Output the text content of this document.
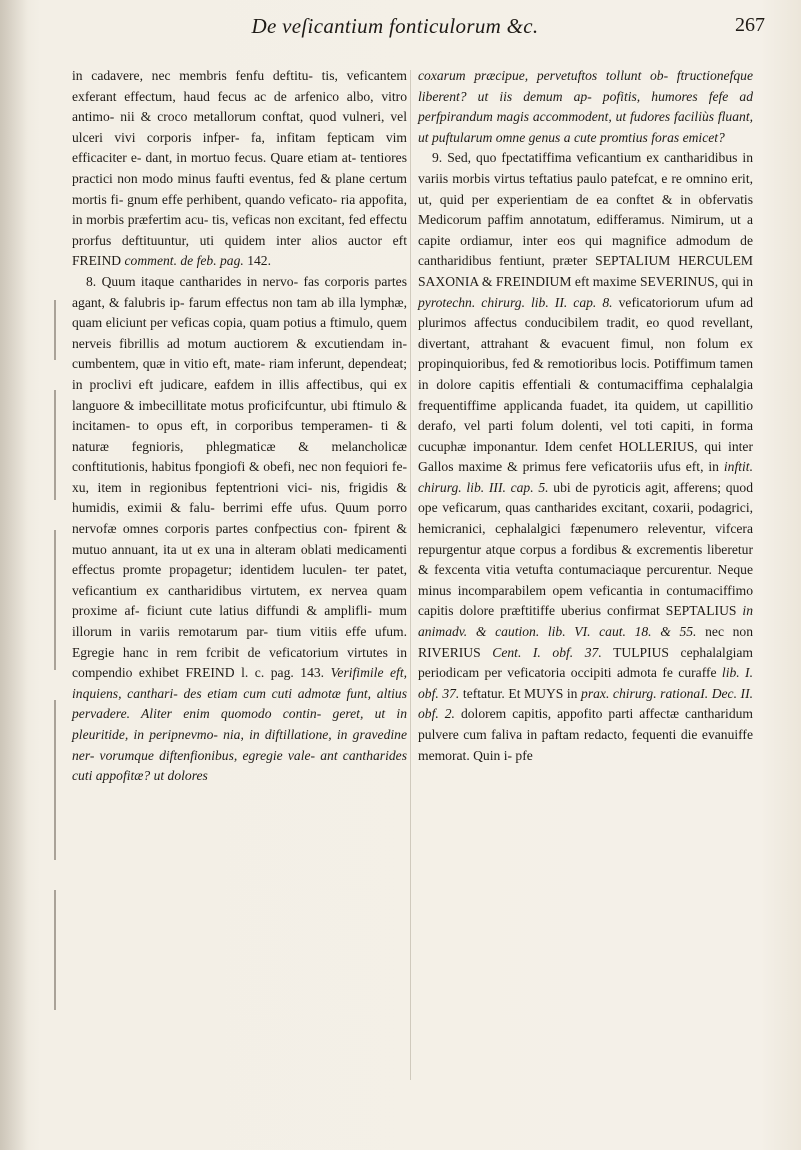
De veſicantium fonticulorum &c.	267

in cadavere, nec membris fenfu deftitu- tis, veficantem exferant effectum, haud fecus ac de arfenico albo, vitro antimo- nii & croco metallorum conftat, quod vulneri, vel ulceri vivi corporis infper- fa, infitam fepticam vim efficaciter e- dant, in mortuo fecus. Quare etiam at- tentiores practici non modo minus faufti eventus, fed & plane certum mortis fi- gnum effe perhibent, quando veficato- ria appofita, in morbis præfertim acu- tis, veficas non excitant, fed effectu prorfus deftituuntur, uti quidem inter alios auctor eft FREIND comment. de feb. pag. 142.

8. Quum itaque cantharides in nervo- fas corporis partes agant, & falubris ip- farum effectus non tam ab illa lymphæ, quam eliciunt per veficas copia, quam potius a ftimulo, quem nerveis fibrillis ad motum auctiorem & excutiendam in- cumbentem, quæ in vitio eft, mate- riam inferunt, dependeat; in proclivi eft judicare, eafdem in illis affectibus, qui ex languore & imbecillitate motus proficifcuntur, ubi ftimulo & incitamen- to opus eft, in corporibus temperamen- ti & naturæ fegnioris, phlegmaticæ & melancholicæ conftitutionis, habitus fpongiofi & obefi, nec non fequiori fe- xu, item in regionibus feptentrioni vici- nis, frigidis & humidis, eximii & falu- berrimi effe ufus. Quum porro nervofæ omnes corporis partes confpectius con- fpirent & mutuo annuant, ita ut ex una in alteram oblati medicamenti effectus promte propagetur; identidem luculen- ter patet, veficantium ex cantharidibus virtutem, ex nervea quam proxime af- ficiunt cute latius diffundi & amplifli- mum illorum in variis remotarum par- tium vitiis effe ufum. Egregie hanc in rem fcribit de veficatorium virtutes in compendio exhibet FREIND l. c. pag. 143. Verifimile eft, inquiens, canthari- des etiam cum cuti admotæ funt, altius pervadere. Aliter enim quomodo contin- geret, ut in pleuritide, in peripnevmo- nia, in diftillatione, in gravedine ner- vorumque diftenfionibus, egregie vale- ant cantharides cuti appofitæ? ut dolores

coxarum præcipue, pervetuftos tollunt ob- ftructionefque liberent? ut iis demum ap- pofitis, humores fefe ad perfpirandum magis accommodent, ut fudores faciliùs fluant, ut puftularum omne genus a cute promtius foras emicet?

9. Sed, quo fpectatiffima veficantium ex cantharidibus in variis morbis virtus teftatius paulo patefcat, e re omnino erit, ut, quid per experientiam de ea conftet & in obfervatis Medicorum paffim annotatum, edifferamus. Nimirum, ut a capite ordiamur, inter eos qui magnifice admodum de cantharidibus fentiunt, præter SEPTALIUM HERCULEM SAXONIA & FREINDIUM eft maxime SEVERINUS, qui in pyrotechn. chirurg. lib. II. cap. 8. veficatoriorum ufum ad plurimos affectus conducibilem tradit, eo quod revellant, divertant, attrahant & evacuent fimul, non folum ex propinquioribus, fed & remotioribus locis. Potiffimum tamen in dolore capitis effentiali & contumaciffima cephalalgia frequentiffime applicanda fuadet, ita quidem, ut capillitio derafo, vel parti folum dolenti, vel toti capiti, in forma cucuphæ imponantur. Idem cenfet HOLLERIUS, qui inter Gallos maxime & primus fere veficatoriis ufus eft, in inftit. chirurg. lib. III. cap. 5. ubi de pyroticis agit, afferens; quod ope veficarum, quas cantharides excitant, coxarii, podagrici, hemicranici, cephalalgici fæpenumero releventur, vifcera repurgentur atque corpus a fordibus & excrementis liberetur & fexcenta vitia vetufta contumaciaque percurentur. Neque minus incomparabilem opem veficantia in contumaciffimo capitis dolore præftitiffe uberius confirmat SEPTALIUS in animadv. & caution. lib. VI. caut. 18. & 55. nec non RIVERIUS Cent. I. obf. 37. TULPIUS cephalalgiam periodicam per veficatoria occipiti admota fe curaffe lib. I. obf. 37. teftatur. Et MUYS in prax. chirurg. rationaI. Dec. II. obf. 2. dolorem capitis, appofito parti affectæ cantharidum pulvere cum faliva in paftam redacto, fequenti die evanuiffe memorat. Quin i- pfe
